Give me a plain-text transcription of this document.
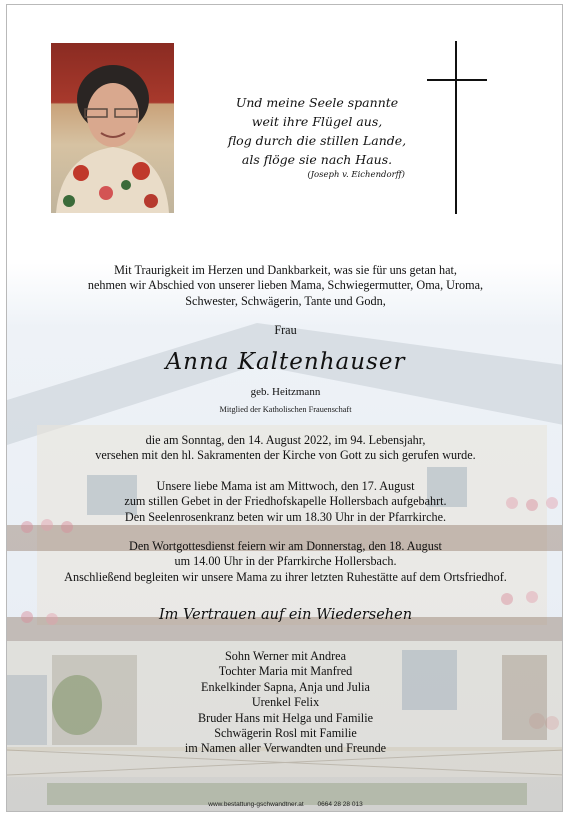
Und meine Seele spannte
weit ihre Flügel aus,
flog durch die stillen Lande,
als flöge sie nach Haus.
(Joseph v. Eichendorff)
Mit Traurigkeit im Herzen und Dankbarkeit, was sie für uns getan hat,
nehmen wir Abschied von unserer lieben Mama, Schwiegermutter, Oma, Uroma,
Schwester, Schwägerin, Tante und Godn,
Frau
Anna Kaltenhauser
geb. Heitzmann
Mitglied der Katholischen Frauenschaft
die am Sonntag, den 14. August 2022, im 94. Lebensjahr,
versehen mit den hl. Sakramenten der Kirche von Gott zu sich gerufen wurde.
Unsere liebe Mama ist am Mittwoch, den 17. August
zum stillen Gebet in der Friedhofskapelle Hollersbach aufgebahrt.
Den Seelenrosenkranz beten wir um 18.30 Uhr in der Pfarrkirche.
Den Wortgottesdienst feiern wir am Donnerstag, den 18. August
um 14.00 Uhr in der Pfarrkirche Hollersbach.
Anschließend begleiten wir unsere Mama zu ihrer letzten Ruhestätte auf dem Ortsfriedhof.
Im Vertrauen auf ein Wiedersehen
Sohn Werner mit Andrea
Tochter Maria mit Manfred
Enkelkinder Sapna, Anja und Julia
Urenkel Felix
Bruder Hans mit Helga und Familie
Schwägerin Rosl mit Familie
im Namen aller Verwandten und Freunde
www.bestattung-gschwandtner.at 0664 28 28 013
